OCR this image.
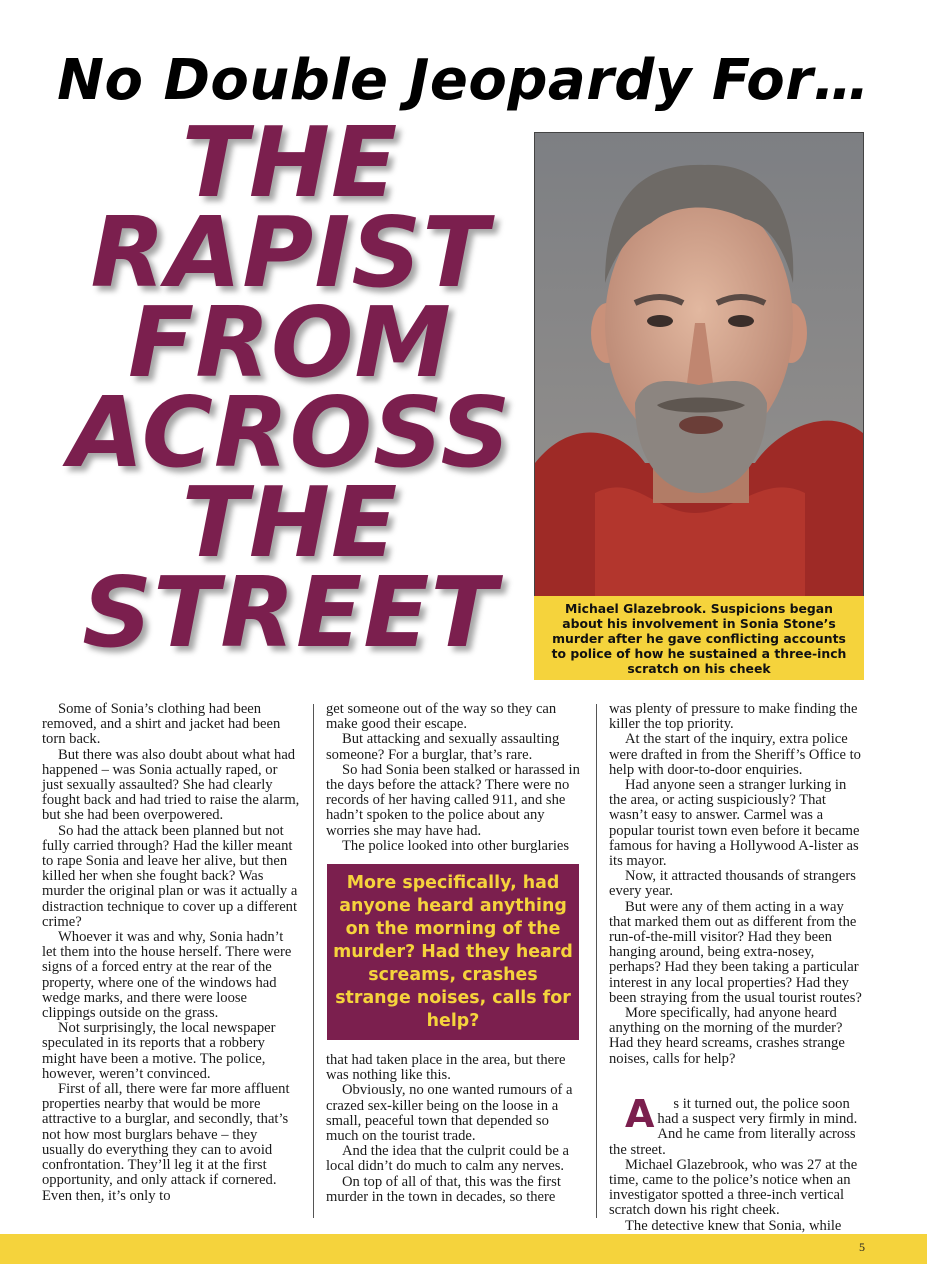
No Double Jeopardy For…
THE
RAPIST
FROM
ACROSS
THE
STREET	Michael Glazebrook. Suspicions began about his involvement in Sonia Stone’s murder after he gave conflicting accounts to police of how he sustained a three-inch scratch on his cheek

Some of Sonia’s clothing had been removed, and a shirt and jacket had been torn back.

But there was also doubt about what had happened – was Sonia actually raped, or just sexually assaulted? She had clearly fought back and had tried to raise the alarm, but she had been overpowered.

So had the attack been planned but not fully carried through? Had the killer meant to rape Sonia and leave her alive, but then killed her when she fought back? Was murder the original plan or was it actually a distraction technique to cover up a different crime?

Whoever it was and why, Sonia hadn’t let them into the house herself. There were signs of a forced entry at the rear of the property, where one of the windows had wedge marks, and there were loose clippings outside on the grass.

Not surprisingly, the local newspaper speculated in its reports that a robbery might have been a motive. The police, however, weren’t convinced.

First of all, there were far more affluent properties nearby that would be more attractive to a burglar, and secondly, that’s not how most burglars behave – they usually do everything they can to avoid confrontation. They’ll leg it at the first opportunity, and only attack if cornered. Even then, it’s only to

get someone out of the way so they can make good their escape.

But attacking and sexually assaulting someone? For a burglar, that’s rare.

So had Sonia been stalked or harassed in the days before the attack? There were no records of her having called 911, and she hadn’t spoken to the police about any worries she may have had.

The police looked into other burglaries

More specifically, had anyone heard anything on the morning of the murder? Had they heard screams, crashes strange noises, calls for help?

that had taken place in the area, but there was nothing like this.

Obviously, no one wanted rumours of a crazed sex-killer being on the loose in a small, peaceful town that depended so much on the tourist trade.

And the idea that the culprit could be a local didn’t do much to calm any nerves.

On top of all of that, this was the first murder in the town in decades, so there

was plenty of pressure to make finding the killer the top priority.

At the start of the inquiry, extra police were drafted in from the Sheriff’s Office to help with door-to-door enquiries.

Had anyone seen a stranger lurking in the area, or acting suspiciously? That wasn’t easy to answer. Carmel was a popular tourist town even before it became famous for having a Hollywood A-lister as its mayor.

Now, it attracted thousands of strangers every year.

But were any of them acting in a way that marked them out as different from the run-of-the-mill visitor? Had they been hanging around, being extra-nosey, perhaps? Had they been taking a particular interest in any local properties? Had they been straying from the usual tourist routes?

More specifically, had anyone heard anything on the morning of the murder? Had they heard screams, crashes strange noises, calls for help?

A s it turned out, the police soon had a suspect very firmly in mind. And he came from literally across the street.

Michael Glazebrook, who was 27 at the time, came to the police’s notice when an investigator spotted a three-inch vertical scratch down his right cheek.

The detective knew that Sonia, while

5
